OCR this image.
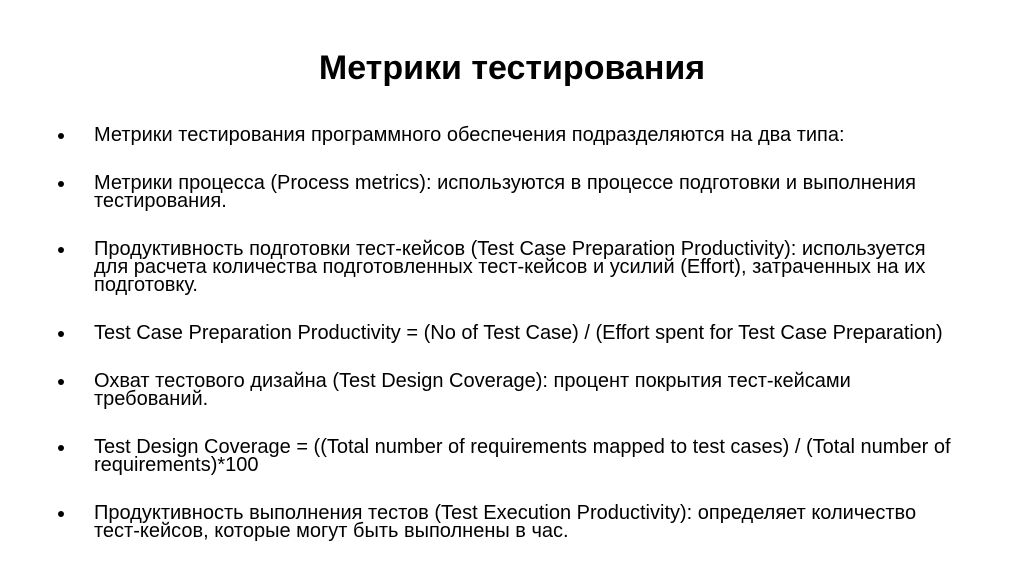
Метрики тестирования
Метрики тестирования программного обеспечения подразделяются на два типа:
Метрики процесса (Process metrics): используются в процессе подготовки и выполнения тестирования.
Продуктивность подготовки тест-кейсов (Test Case Preparation Productivity): используется для расчета количества подготовленных тест-кейсов и усилий (Effort), затраченных на их подготовку.
Test Case Preparation Productivity = (No of Test Case) / (Effort spent for Test Case Preparation)
Охват тестового дизайна (Test Design Coverage): процент покрытия тест-кейсами требований.
Test Design Coverage = ((Total number of requirements mapped to test cases) / (Total number of requirements)*100
Продуктивность выполнения тестов (Test Execution Productivity): определяет количество тест-кейсов, которые могут быть выполнены в час.
